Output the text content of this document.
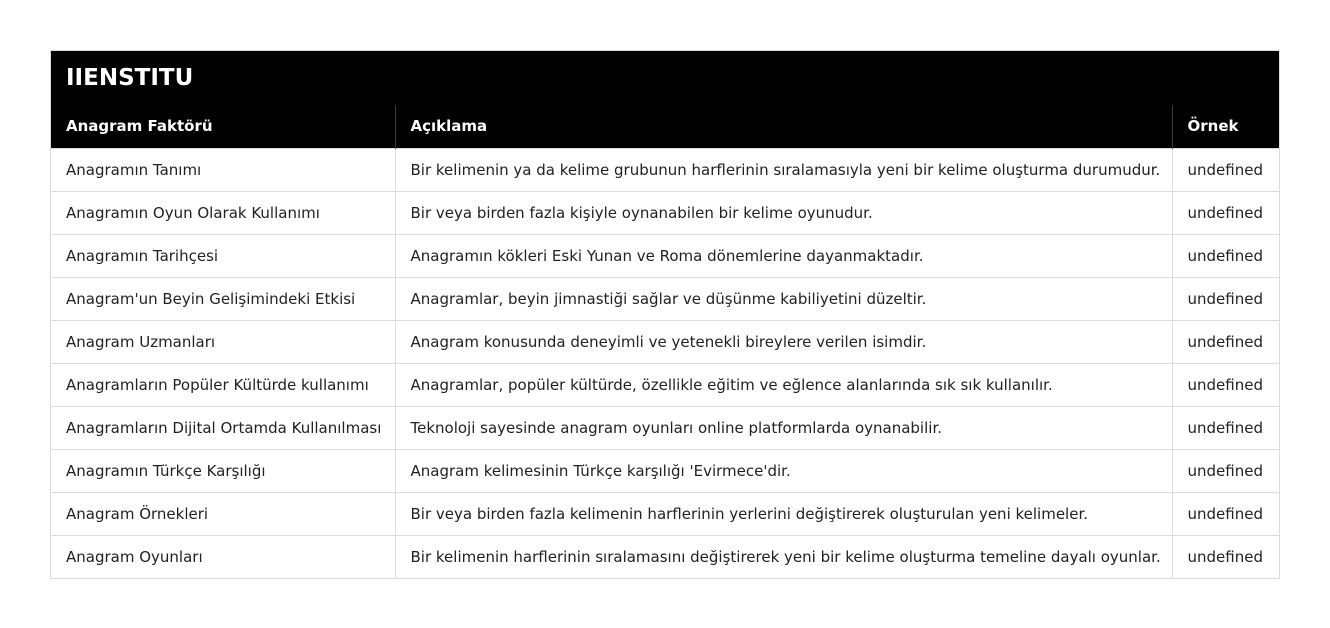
IIENSTITU
Anagram Faktörü	Açıklama	Örnek
Anagramın Tanımı	Bir kelimenin ya da kelime grubunun harflerinin sıralamasıyla yeni bir kelime oluşturma durumudur.	undefined
Anagramın Oyun Olarak Kullanımı	Bir veya birden fazla kişiyle oynanabilen bir kelime oyunudur.	undefined
Anagramın Tarihçesi	Anagramın kökleri Eski Yunan ve Roma dönemlerine dayanmaktadır.	undefined
Anagram'un Beyin Gelişimindeki Etkisi	Anagramlar, beyin jimnastiği sağlar ve düşünme kabiliyetini düzeltir.	undefined
Anagram Uzmanları	Anagram konusunda deneyimli ve yetenekli bireylere verilen isimdir.	undefined
Anagramların Popüler Kültürde kullanımı	Anagramlar, popüler kültürde, özellikle eğitim ve eğlence alanlarında sık sık kullanılır.	undefined
Anagramların Dijital Ortamda Kullanılması	Teknoloji sayesinde anagram oyunları online platformlarda oynanabilir.	undefined
Anagramın Türkçe Karşılığı	Anagram kelimesinin Türkçe karşılığı 'Evirmece'dir.	undefined
Anagram Örnekleri	Bir veya birden fazla kelimenin harflerinin yerlerini değiştirerek oluşturulan yeni kelimeler.	undefined
Anagram Oyunları	Bir kelimenin harflerinin sıralamasını değiştirerek yeni bir kelime oluşturma temeline dayalı oyunlar.	undefined
